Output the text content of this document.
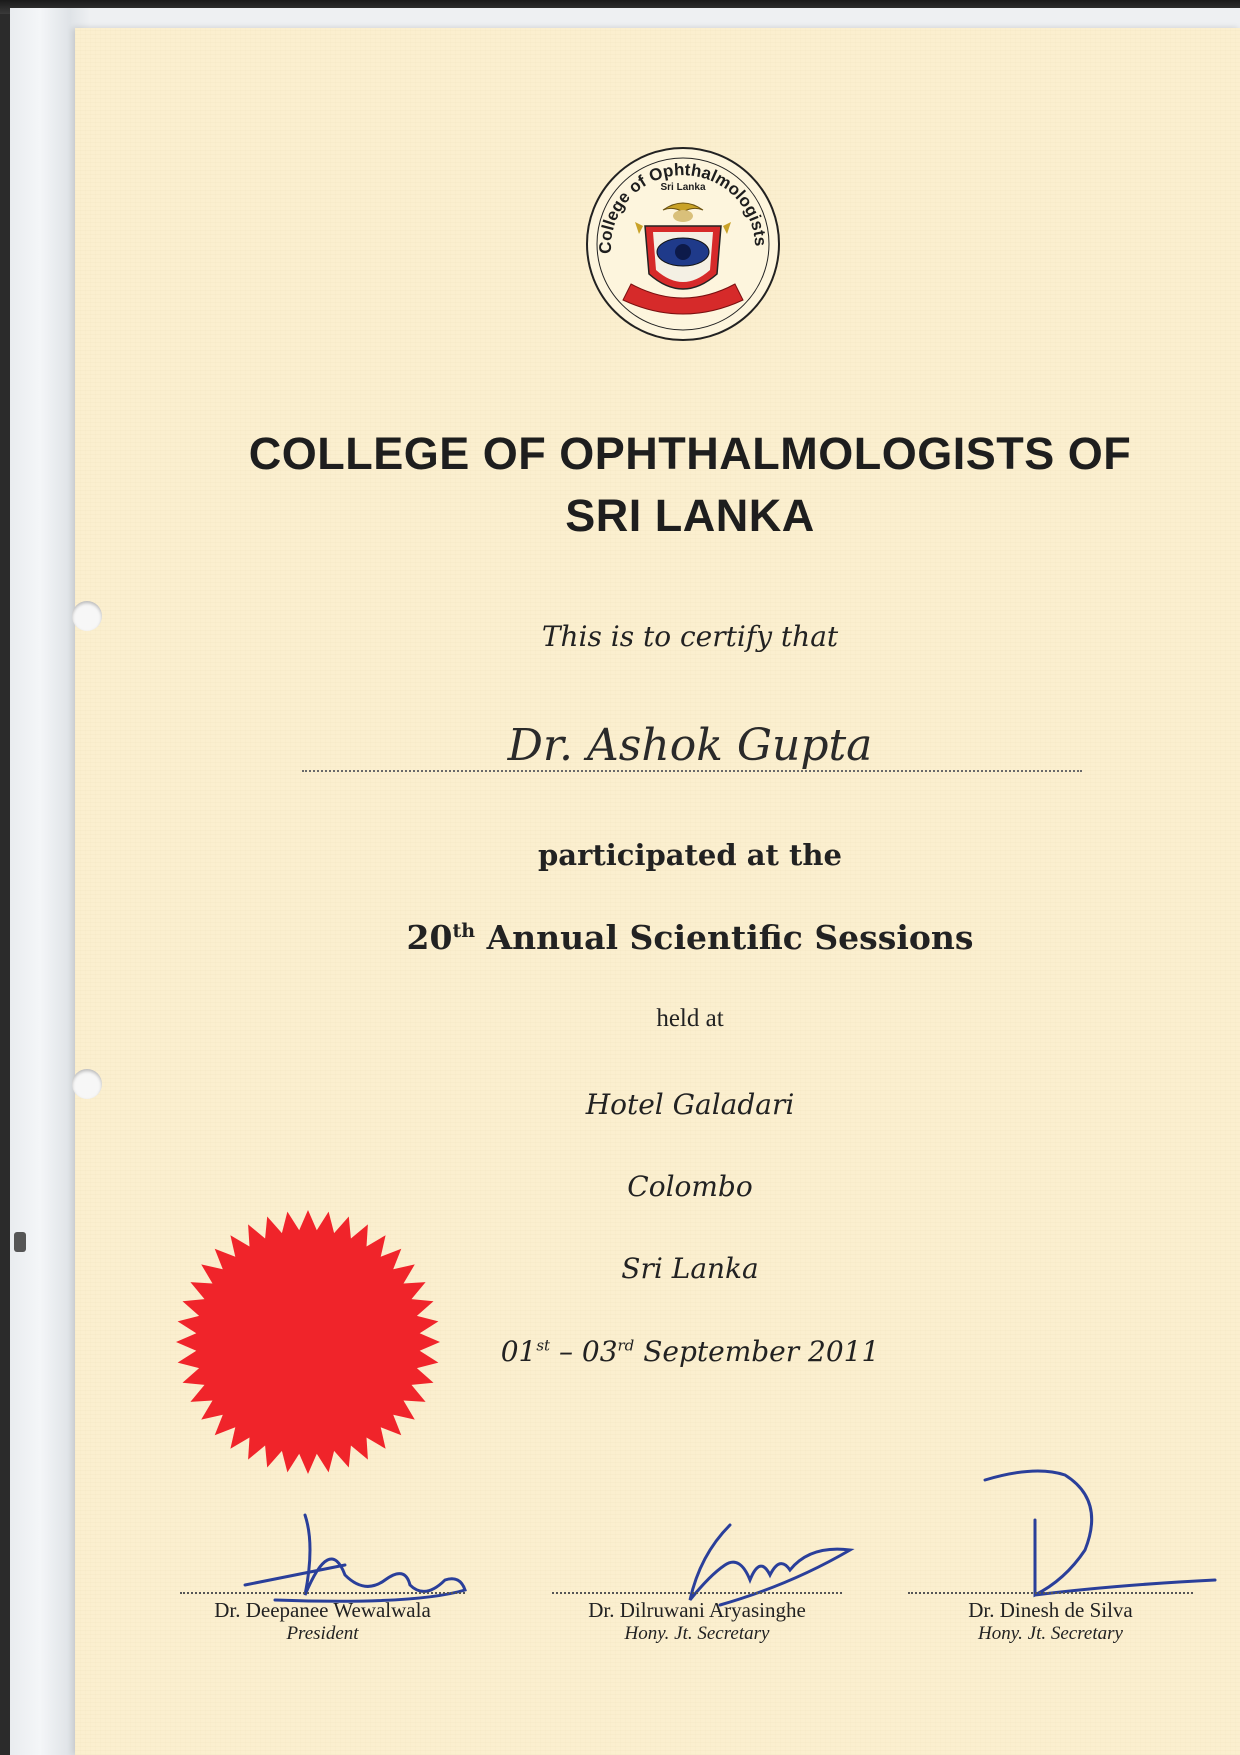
College of Ophthalmologists
Sri Lanka
COLLEGE OF OPHTHALMOLOGISTS OF
SRI LANKA

This is to certify that

Dr. Ashok Gupta

participated at the

20th Annual Scientific Sessions

held at

Hotel Galadari

Colombo

Sri Lanka

01st – 03rd September 2011

Dr. Deepanee Wewalwala
President
Dr. Dilruwani Aryasinghe
Hony. Jt. Secretary
Dr. Dinesh de Silva
Hony. Jt. Secretary
